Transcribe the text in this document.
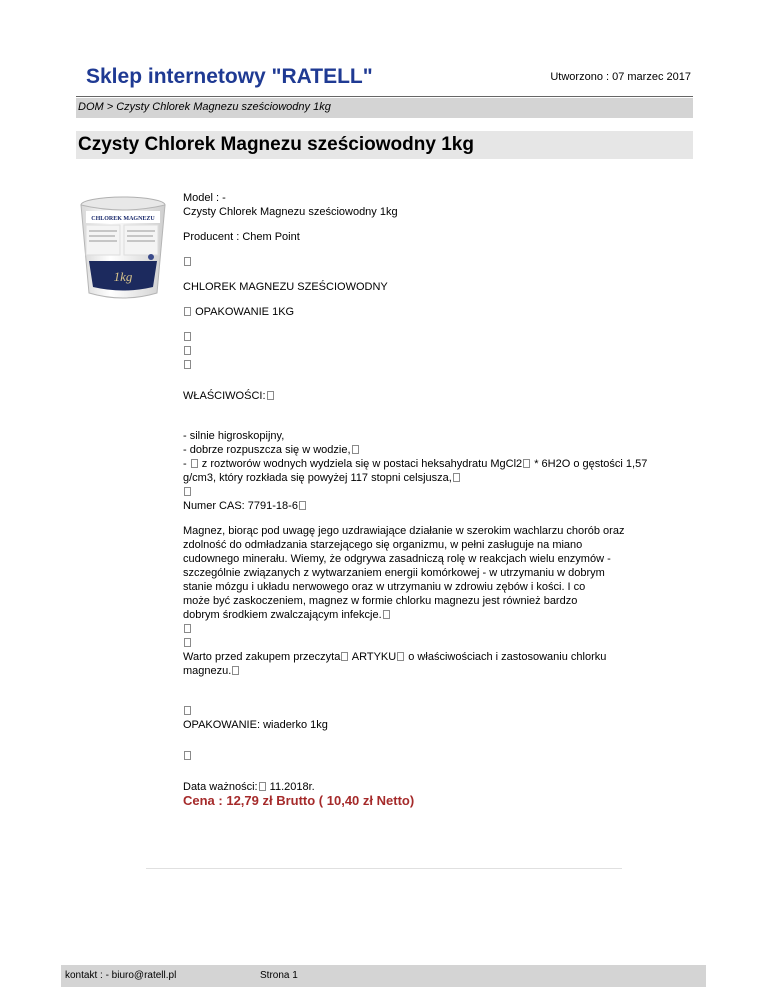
Sklep internetowy "RATELL"	Utworzono : 07 marzec 2017
DOM > Czysty Chlorek Magnezu sześciowodny 1kg
Czysty Chlorek Magnezu sześciowodny 1kg
CHLOREK MAGNEZU
1kg

Model : -

Czysty Chlorek Magnezu sześciowodny 1kg

Producent : Chem Point

CHLOREK MAGNEZU SZEŚCIOWODNY

OPAKOWANIE 1KG

WŁAŚCIWOŚCI:

- silnie higroskopijny,

- dobrze rozpuszcza się w wodzie,

-  z roztworów wodnych wydziela się w postaci heksahydratu MgCl2 * 6H2O o gęstości 1,57

g/cm3, który rozkłada się powyżej 117 stopni celsjusza,

Numer CAS: 7791-18-6

Magnez, biorąc pod uwagę jego uzdrawiające działanie w szerokim wachlarzu chorób oraz

zdolność do odmładzania starzejącego się organizmu, w pełni zasługuje na miano

cudownego minerału. Wiemy, że odgrywa zasadniczą rolę w reakcjach wielu enzymów -

szczególnie związanych z wytwarzaniem energii komórkowej - w utrzymaniu w dobrym

stanie mózgu i układu nerwowego oraz w utrzymaniu w zdrowiu zębów i kości. I co

może być zaskoczeniem, magnez w formie chlorku magnezu jest również bardzo

dobrym środkiem zwalczającym infekcje.

Warto przed zakupem przeczyta ARTYKU o właściwościach i zastosowaniu chlorku

magnezu.

OPAKOWANIE: wiaderko 1kg

Data ważności: 11.2018r.

Cena : 12,79 zł Brutto ( 10,40 zł Netto)

kontakt : - biuro@ratell.pl	Strona 1
